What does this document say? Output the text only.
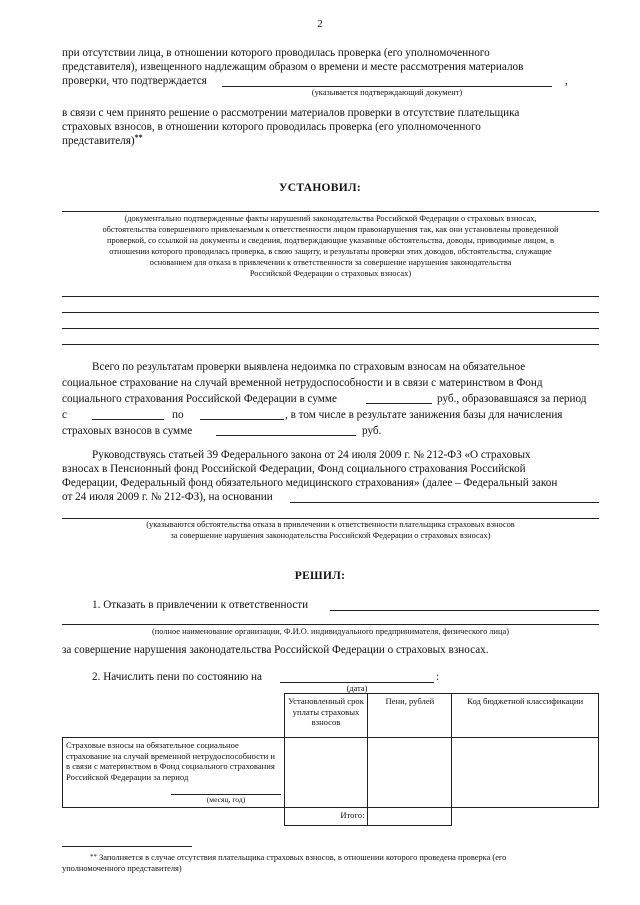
2
при отсутствии лица, в отношении которого проводилась проверка (его уполномоченного
представителя), извещенного надлежащим образом о времени и месте рассмотрения материалов
проверки, что подтверждается	,
(указывается подтверждающий документ)
в связи с чем принято решение о рассмотрении материалов проверки в отсутствие плательщика
страховых взносов, в отношении которого проводилась проверка (его уполномоченного
представителя)**
УСТАНОВИЛ:
(документально подтвержденные факты нарушений законодательства Российской Федерации о страховых взносах,
обстоятельства совершенного привлекаемым к ответственности лицом правонарушения так, как они установлены проведенной
проверкой, со ссылкой на документы и сведения, подтверждающие указанные обстоятельства, доводы, приводимые лицом, в
отношении которого проводилась проверка, в свою защиту, и результаты проверки этих доводов, обстоятельства, служащие
основанием для отказа в привлечении к ответственности за совершение нарушения законодательства
Российской Федерации о страховых взносах)
Всего по результатам проверки выявлена недоимка по страховым взносам на обязательное
социальное страхование на случай временной нетрудоспособности и в связи с материнством в Фонд
социального страхования Российской Федерации в сумме	руб., образовавшаяся за период
с	по	, в том числе в результате занижения базы для начисления
страховых взносов в сумме	руб.
Руководствуясь статьей 39 Федерального закона от 24 июля 2009 г. № 212-ФЗ «О страховых
взносах в Пенсионный фонд Российской Федерации, Фонд социального страхования Российской
Федерации, Федеральный фонд обязательного медицинского страхования» (далее – Федеральный закон
от 24 июля 2009 г. № 212-ФЗ), на основании
(указываются обстоятельства отказа в привлечении к ответственности плательщика страховых взносов
за совершение нарушения законодательства Российской Федерации о страховых взносах)
РЕШИЛ:
1. Отказать в привлечении к ответственности
(полное наименование организации, Ф.И.О. индивидуального предпринимателя, физического лица)
за совершение нарушения законодательства Российской Федерации о страховых взносах.
2. Начислить пени по состоянию на	:
(дата)
	Установленный срок уплаты страховых взносов	Пени, рублей	Код бюджетной классификации

Страховые взносы на обязательное социальное страхование на случай временной нетрудоспособности и в связи с материнством в Фонд социального страхования Российской Федерации за период
(месяц, год)			

	Итого:		
** Заполняется в случае отсутствия плательщика страховых взносов, в отношении которого проведена проверка (его
уполномоченного представителя)
